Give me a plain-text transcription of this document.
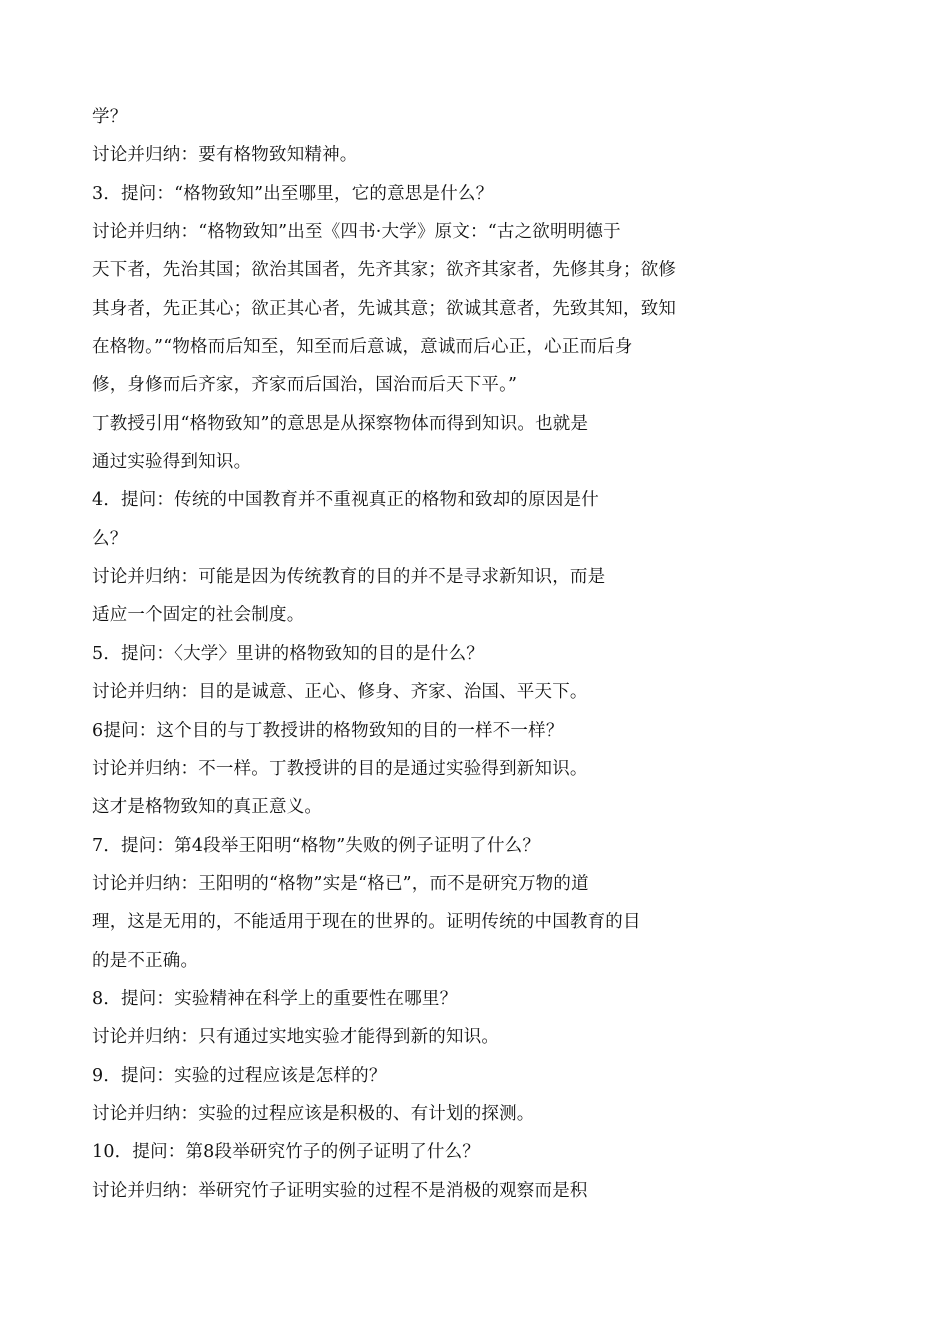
学？
讨论并归纳：要有格物致知精神。
3．提问：“格物致知”出至哪里，它的意思是什么？
讨论并归纳：“格物致知”出至《四书·大学》原文：“古之欲明明德于
天下者，先治其国；欲治其国者，先齐其家；欲齐其家者，先修其身；欲修
其身者，先正其心；欲正其心者，先诚其意；欲诚其意者，先致其知，致知
在格物。”“物格而后知至，知至而后意诚，意诚而后心正，心正而后身
修，身修而后齐家，齐家而后国治，国治而后天下平。”
丁教授引用“格物致知”的意思是从探察物体而得到知识。也就是
通过实验得到知识。
4．提问：传统的中国教育并不重视真正的格物和致却的原因是什
么？
讨论并归纳：可能是因为传统教育的目的并不是寻求新知识，而是
适应一个固定的社会制度。
5．提问：〈大学〉里讲的格物致知的目的是什么？
讨论并归纳：目的是诚意、正心、修身、齐家、治国、平天下。
6提问：这个目的与丁教授讲的格物致知的目的一样不一样？
讨论并归纳：不一样。丁教授讲的目的是通过实验得到新知识。
这才是格物致知的真正意义。
7．提问：第4段举王阳明“格物”失败的例子证明了什么？
讨论并归纳：王阳明的“格物”实是“格已”，而不是研究万物的道
理，这是无用的，不能适用于现在的世界的。证明传统的中国教育的目
的是不正确。
8．提问：实验精神在科学上的重要性在哪里？
讨论并归纳：只有通过实地实验才能得到新的知识。
9．提问：实验的过程应该是怎样的？
讨论并归纳：实验的过程应该是积极的、有计划的探测。
10．提问：第8段举研究竹子的例子证明了什么？
讨论并归纳：举研究竹子证明实验的过程不是消极的观察而是积
